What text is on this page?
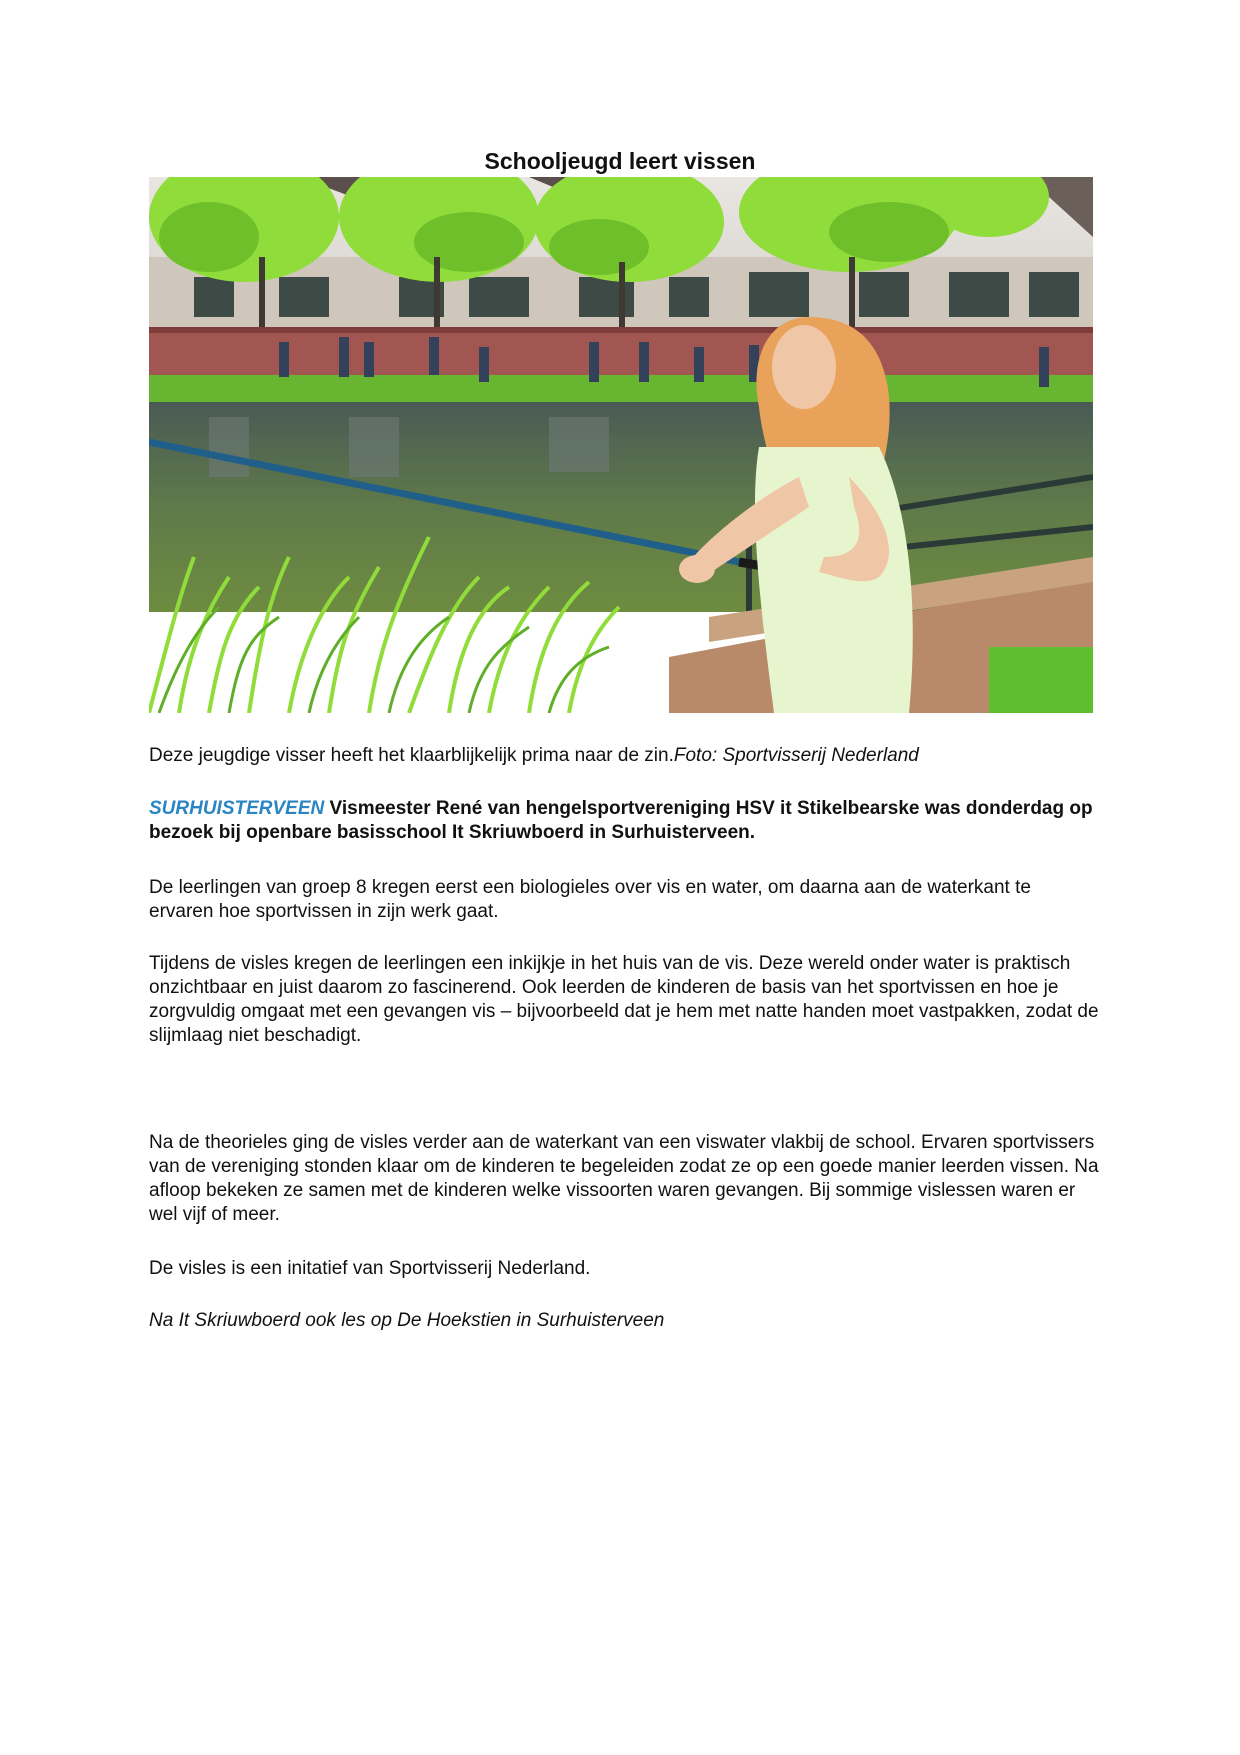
Schooljeugd leert vissen

Deze jeugdige visser heeft het klaarblijkelijk prima naar de zin.Foto: Sportvisserij Nederland

SURHUISTERVEEN Vismeester René van hengelsportvereniging HSV it Stikelbearske was donderdag op bezoek bij openbare basisschool It Skriuwboerd in Surhuisterveen.

De leerlingen van groep 8 kregen eerst een biologieles over vis en water, om daarna aan de waterkant te ervaren hoe sportvissen in zijn werk gaat.

Tijdens de visles kregen de leerlingen een inkijkje in het huis van de vis. Deze wereld onder water is praktisch onzichtbaar en juist daarom zo fascinerend. Ook leerden de kinderen de basis van het sportvissen en hoe je zorgvuldig omgaat met een gevangen vis – bijvoorbeeld dat je hem met natte handen moet vastpakken, zodat de slijmlaag niet beschadigt.

Na de theorieles ging de visles verder aan de waterkant van een viswater vlakbij de school. Ervaren sportvissers van de vereniging stonden klaar om de kinderen te begeleiden zodat ze op een goede manier leerden vissen. Na afloop bekeken ze samen met de kinderen welke vissoorten waren gevangen. Bij sommige vislessen waren er wel vijf of meer.

De visles is een initatief van Sportvisserij Nederland.

Na It Skriuwboerd ook les op De Hoekstien in Surhuisterveen
